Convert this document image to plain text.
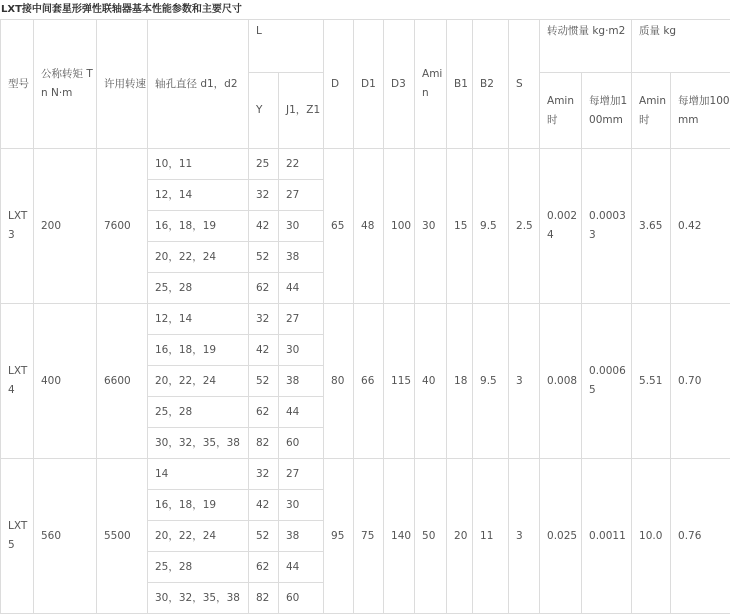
LXT接中间套星形弹性联轴器基本性能参数和主要尺寸
型号	公称转矩 Tn N·m	许用转速	轴孔直径 d1，d2	L		D	D1	D3	Amin	B1	B2	S	转动惯量 kg·m2		质量 kg	
				Y	J1，Z1								Amin时	每增加100mm	Amin时	每增加100mm
LXT3	200	7600	10，11	25	22	65	48	100	30	15	9.5	2.5	0.0024	0.00033	3.65	0.42
			12，14	32	27											
			16，18，19	42	30											
			20，22，24	52	38											
			25，28	62	44											
LXT4	400	6600	12，14	32	27	80	66	115	40	18	9.5	3	0.008	0.00065	5.51	0.70
			16，18，19	42	30											
			20，22，24	52	38											
			25，28	62	44											
			30，32，35，38	82	60											
LXT5	560	5500	14	32	27	95	75	140	50	20	11	3	0.025	0.0011	10.0	0.76
			16，18，19	42	30											
			20，22，24	52	38											
			25，28	62	44											
			30，32，35，38	82	60											
